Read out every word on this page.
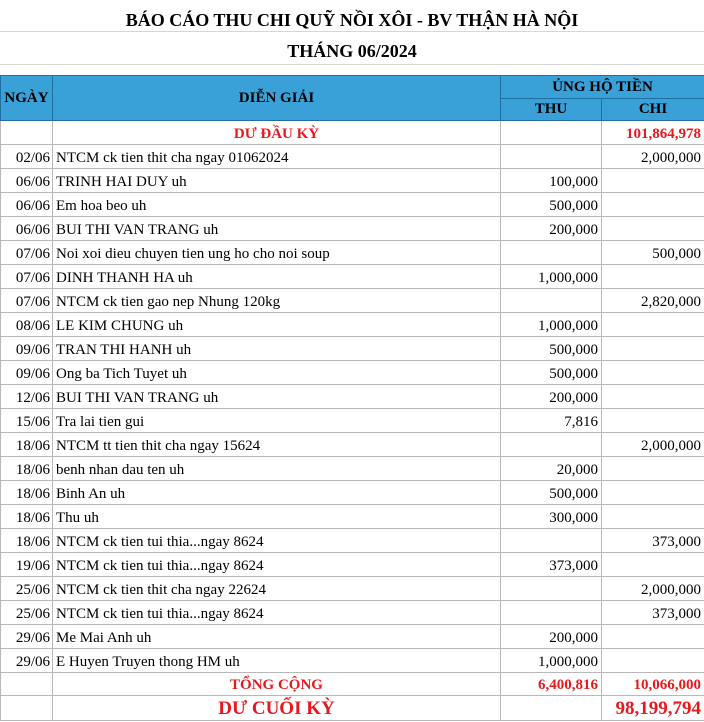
BÁO CÁO THU CHI QUỸ NỒI XÔI - BV THẬN HÀ NỘI
THÁNG 06/2024
NGÀY	DIỄN GIẢI	ỦNG HỘ TIỀN	
		THU	CHI
	DƯ ĐẦU KỲ		101,864,978
02/06	NTCM ck tien thit cha ngay 01062024		2,000,000
06/06	TRINH HAI DUY uh	100,000	
06/06	Em hoa beo uh	500,000	
06/06	BUI THI VAN TRANG uh	200,000	
07/06	Noi xoi dieu chuyen tien ung ho cho noi soup		500,000
07/06	DINH THANH HA uh	1,000,000	
07/06	NTCM ck tien gao nep Nhung 120kg		2,820,000
08/06	LE KIM CHUNG uh	1,000,000	
09/06	TRAN THI HANH uh	500,000	
09/06	Ong ba Tich Tuyet uh	500,000	
12/06	BUI THI VAN TRANG uh	200,000	
15/06	Tra lai tien gui	7,816	
18/06	NTCM tt tien thit cha ngay 15624		2,000,000
18/06	benh nhan dau ten uh	20,000	
18/06	Binh An uh	500,000	
18/06	Thu uh	300,000	
18/06	NTCM ck tien tui thia...ngay 8624		373,000
19/06	NTCM ck tien tui thia...ngay 8624	373,000	
25/06	NTCM ck tien thit cha ngay 22624		2,000,000
25/06	NTCM ck tien tui thia...ngay 8624		373,000
29/06	Me Mai Anh uh	200,000	
29/06	E Huyen Truyen thong HM uh	1,000,000	
	TỔNG CỘNG	6,400,816	10,066,000
	DƯ CUỐI KỲ		98,199,794
